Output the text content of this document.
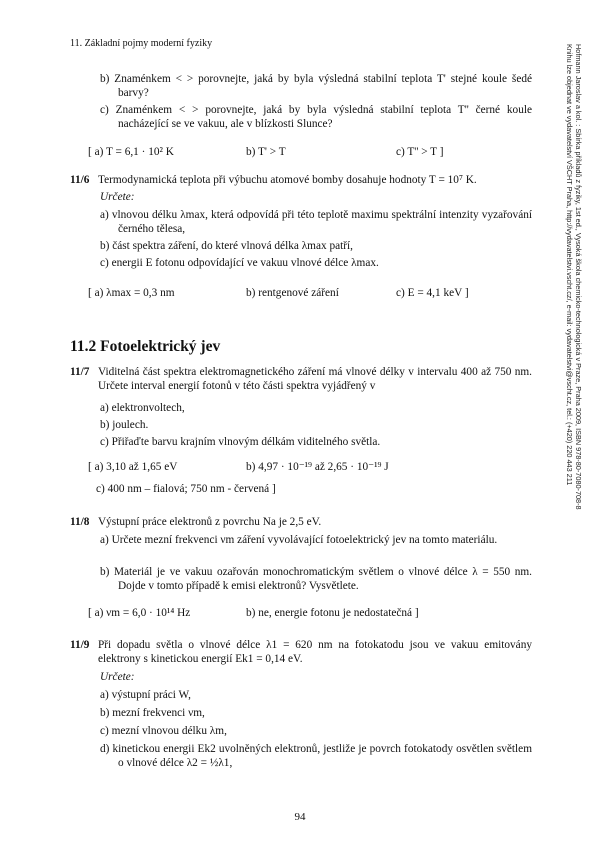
11. Základní pojmy moderní fyziky
Hofmann Jaroslav a kol. : Sbírka příkladů z fyziky, 1st ed., Vysoká škola chemicko-technologická v Praze, Praha 2009, ISBN 978-80-7080-708-8
Knihu lze objednat ve vydavatelství VŠCHT Praha, http://vydavatelstvi.vscht.cz/, e-mail: vydavatelstvi@vscht.cz, tel.: (+420) 220 443 211
b) Znaménkem < > porovnejte, jaká by byla výsledná stabilní teplota T' stejné koule šedé barvy?
c) Znaménkem < > porovnejte, jaká by byla výsledná stabilní teplota T'' černé koule nacházející se ve vakuu, ale v blízkosti Slunce?
[ a) T = 6,1 · 10² K	b) T' > T	c) T'' > T ]
11/6 Termodynamická teplota při výbuchu atomové bomby dosahuje hodnoty T = 10⁷ K.
Určete:
a) vlnovou délku λmax, která odpovídá při této teplotě maximu spektrální intenzity vyzařování černého tělesa,
b) část spektra záření, do které vlnová délka λmax patří,
c) energii E fotonu odpovídající ve vakuu vlnové délce λmax.
[ a) λmax = 0,3 nm	b) rentgenové záření	c) E = 4,1 keV ]
11.2 Fotoelektrický jev
11/7 Viditelná část spektra elektromagnetického záření má vlnové délky v intervalu 400 až 750 nm. Určete interval energií fotonů v této části spektra vyjádřený v
a) elektronvoltech,
b) joulech.
c) Přiřaďte barvu krajním vlnovým délkám viditelného světla.
[ a) 3,10 až 1,65 eV	b) 4,97 · 10⁻¹⁹ až 2,65 · 10⁻¹⁹ J
c) 400 nm – fialová; 750 nm - červená ]
11/8 Výstupní práce elektronů z povrchu Na je 2,5 eV.
a) Určete mezní frekvenci νm záření vyvolávající fotoelektrický jev na tomto materiálu.
b) Materiál je ve vakuu ozařován monochromatickým světlem o vlnové délce λ = 550 nm. Dojde v tomto případě k emisi elektronů? Vysvětlete.
[ a) νm = 6,0 · 10¹⁴ Hz	b) ne, energie fotonu je nedostatečná ]
11/9 Při dopadu světla o vlnové délce λ1 = 620 nm na fotokatodu jsou ve vakuu emitovány elektrony s kinetickou energií Ek1 = 0,14 eV.
Určete:
a) výstupní práci W,
b) mezní frekvenci νm,
c) mezní vlnovou délku λm,
d) kinetickou energii Ek2 uvolněných elektronů, jestliže je povrch fotokatody osvětlen světlem o vlnové délce λ2 = ½λ1,
94
